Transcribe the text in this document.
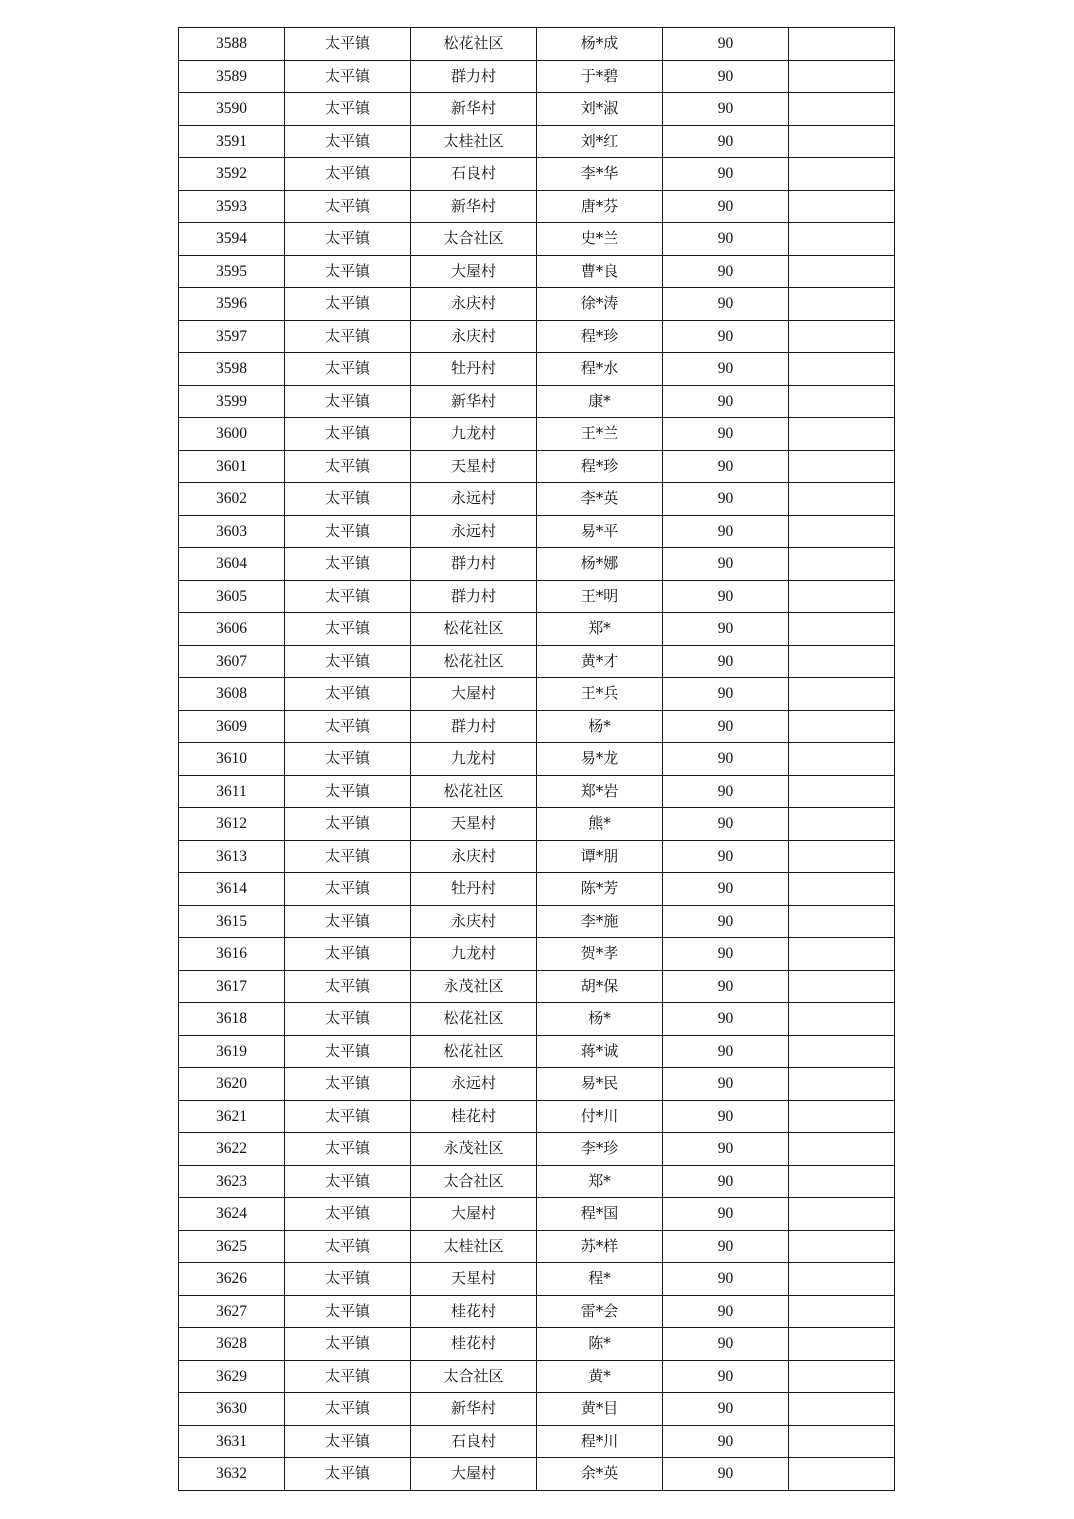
3588	太平镇	松花社区	杨*成	90	
3589	太平镇	群力村	于*碧	90	
3590	太平镇	新华村	刘*淑	90	
3591	太平镇	太桂社区	刘*红	90	
3592	太平镇	石良村	李*华	90	
3593	太平镇	新华村	唐*芬	90	
3594	太平镇	太合社区	史*兰	90	
3595	太平镇	大屋村	曹*良	90	
3596	太平镇	永庆村	徐*涛	90	
3597	太平镇	永庆村	程*珍	90	
3598	太平镇	牡丹村	程*水	90	
3599	太平镇	新华村	康*	90	
3600	太平镇	九龙村	王*兰	90	
3601	太平镇	天星村	程*珍	90	
3602	太平镇	永远村	李*英	90	
3603	太平镇	永远村	易*平	90	
3604	太平镇	群力村	杨*娜	90	
3605	太平镇	群力村	王*明	90	
3606	太平镇	松花社区	郑*	90	
3607	太平镇	松花社区	黄*才	90	
3608	太平镇	大屋村	王*兵	90	
3609	太平镇	群力村	杨*	90	
3610	太平镇	九龙村	易*龙	90	
3611	太平镇	松花社区	郑*岩	90	
3612	太平镇	天星村	熊*	90	
3613	太平镇	永庆村	谭*朋	90	
3614	太平镇	牡丹村	陈*芳	90	
3615	太平镇	永庆村	李*施	90	
3616	太平镇	九龙村	贺*孝	90	
3617	太平镇	永茂社区	胡*保	90	
3618	太平镇	松花社区	杨*	90	
3619	太平镇	松花社区	蒋*诚	90	
3620	太平镇	永远村	易*民	90	
3621	太平镇	桂花村	付*川	90	
3622	太平镇	永茂社区	李*珍	90	
3623	太平镇	太合社区	郑*	90	
3624	太平镇	大屋村	程*国	90	
3625	太平镇	太桂社区	苏*样	90	
3626	太平镇	天星村	程*	90	
3627	太平镇	桂花村	雷*会	90	
3628	太平镇	桂花村	陈*	90	
3629	太平镇	太合社区	黄*	90	
3630	太平镇	新华村	黄*目	90	
3631	太平镇	石良村	程*川	90	
3632	太平镇	大屋村	余*英	90	
